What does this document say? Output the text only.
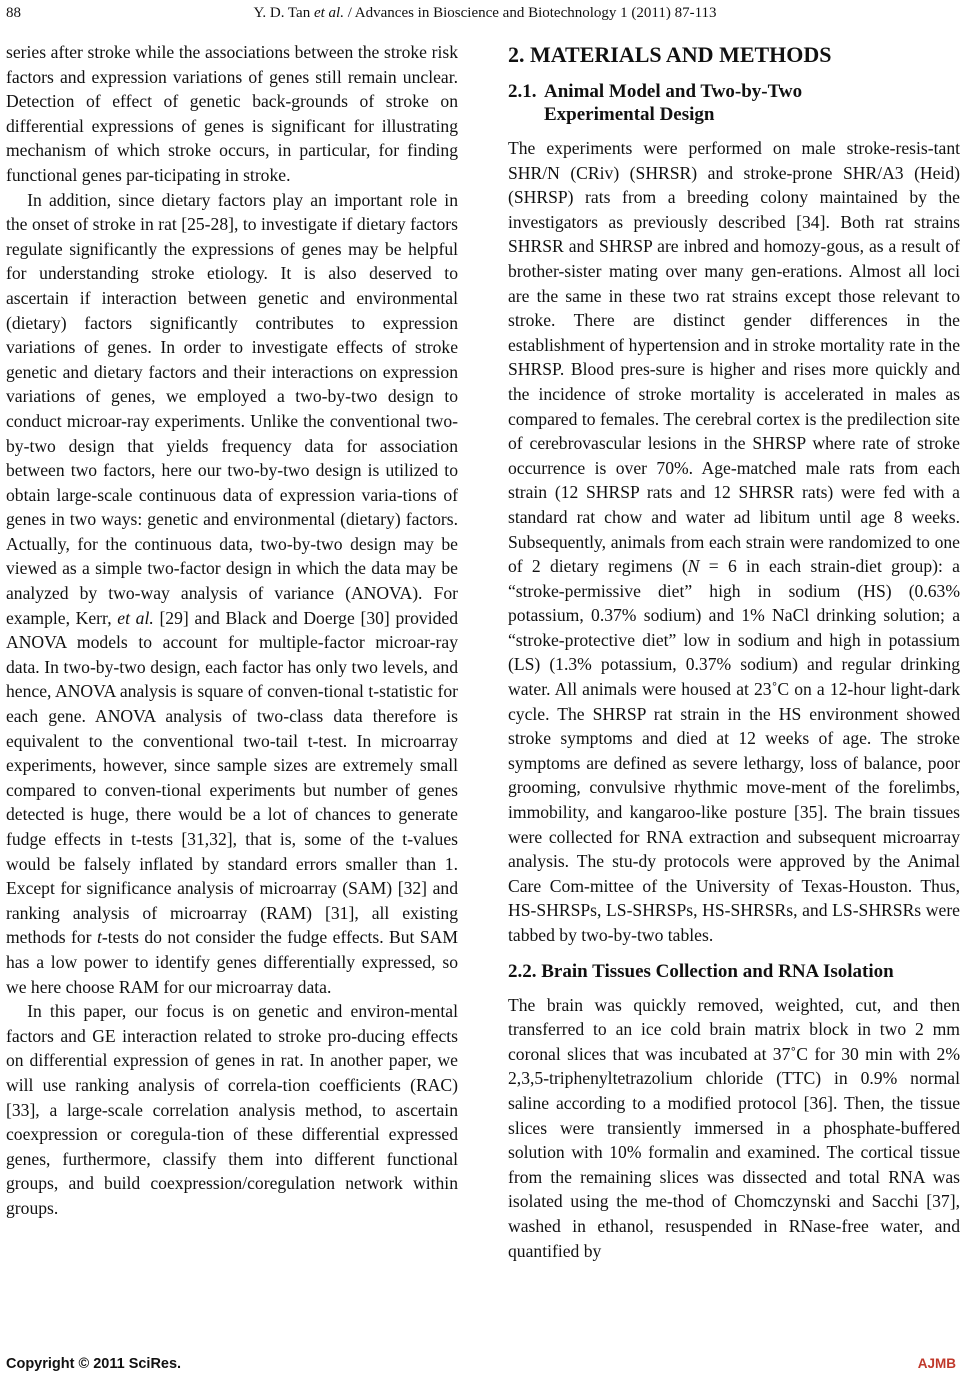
88	Y. D. Tan et al. / Advances in Bioscience and Biotechnology 1 (2011) 87-113

series after stroke while the associations between the stroke risk factors and expression variations of genes still remain unclear. Detection of effect of genetic back-grounds of stroke on differential expressions of genes is significant for illustrating mechanism of which stroke occurs, in particular, for finding functional genes par-ticipating in stroke.

In addition, since dietary factors play an important role in the onset of stroke in rat [25-28], to investigate if dietary factors regulate significantly the expressions of genes may be helpful for understanding stroke etiology. It is also deserved to ascertain if interaction between genetic and environmental (dietary) factors significantly contributes to expression variations of genes. In order to investigate effects of stroke genetic and dietary factors and their interactions on expression variations of genes, we employed a two-by-two design to conduct microar-ray experiments. Unlike the conventional two-by-two design that yields frequency data for association between two factors, here our two-by-two design is utilized to obtain large-scale continuous data of expression varia-tions of genes in two ways: genetic and environmental (dietary) factors. Actually, for the continuous data, two-by-two design may be viewed as a simple two-factor design in which the data may be analyzed by two-way analysis of variance (ANOVA). For example, Kerr, et al. [29] and Black and Doerge [30] provided ANOVA models to account for multiple-factor microar-ray data. In two-by-two design, each factor has only two levels, and hence, ANOVA analysis is square of conven-tional t-statistic for each gene. ANOVA analysis of two-class data therefore is equivalent to the conventional two-tail t-test. In microarray experiments, however, since sample sizes are extremely small compared to conven-tional experiments but number of genes detected is huge, there would be a lot of chances to generate fudge effects in t-tests [31,32], that is, some of the t-values would be falsely inflated by standard errors smaller than 1. Except for significance analysis of microarray (SAM) [32] and ranking analysis of microarray (RAM) [31], all existing methods for t-tests do not consider the fudge effects. But SAM has a low power to identify genes differentially expressed, so we here choose RAM for our microarray data.

In this paper, our focus is on genetic and environ-mental factors and GE interaction related to stroke pro-ducing effects on differential expression of genes in rat. In another paper, we will use ranking analysis of correla-tion coefficients (RAC) [33], a large-scale correlation analysis method, to ascertain coexpression or coregula-tion of these differential expressed genes, furthermore, classify them into different functional groups, and build coexpression/coregulation network within groups.

2. MATERIALS AND METHODS
2.1. Animal Model and Two-by-Two
Experimental Design

The experiments were performed on male stroke-resis-tant SHR/N (CRiv) (SHRSR) and stroke-prone SHR/A3 (Heid) (SHRSP) rats from a breeding colony maintained by the investigators as previously described [34]. Both rat strains SHRSR and SHRSP are inbred and homozy-gous, as a result of brother-sister mating over many gen-erations. Almost all loci are the same in these two rat strains except those relevant to stroke. There are distinct gender differences in the establishment of hypertension and in stroke mortality rate in the SHRSP. Blood pres-sure is higher and rises more quickly and the incidence of stroke mortality is accelerated in males as compared to females. The cerebral cortex is the predilection site of cerebrovascular lesions in the SHRSP where rate of stroke occurrence is over 70%. Age-matched male rats from each strain (12 SHRSP rats and 12 SHRSR rats) were fed with a standard rat chow and water ad libitum until age 8 weeks. Subsequently, animals from each strain were randomized to one of 2 dietary regimens (N = 6 in each strain-diet group): a “stroke-permissive diet” high in sodium (HS) (0.63% potassium, 0.37% sodium) and 1% NaCl drinking solution; a “stroke-protective diet” low in sodium and high in potassium (LS) (1.3% potassium, 0.37% sodium) and regular drinking water. All animals were housed at 23˚C on a 12-hour light-dark cycle. The SHRSP rat strain in the HS environment showed stroke symptoms and died at 12 weeks of age. The stroke symptoms are defined as severe lethargy, loss of balance, poor grooming, convulsive rhythmic move-ment of the forelimbs, immobility, and kangaroo-like posture [35]. The brain tissues were collected for RNA extraction and subsequent microarray analysis. The stu-dy protocols were approved by the Animal Care Com-mittee of the University of Texas-Houston. Thus, HS-SHRSPs, LS-SHRSPs, HS-SHRSRs, and LS-SHRSRs were tabbed by two-by-two tables.

2.2. Brain Tissues Collection and RNA Isolation

The brain was quickly removed, weighted, cut, and then transferred to an ice cold brain matrix block in two 2 mm coronal slices that was incubated at 37˚C for 30 min with 2% 2,3,5-triphenyltetrazolium chloride (TTC) in 0.9% normal saline according to a modified protocol [36]. Then, the tissue slices were transiently immersed in a phosphate-buffered solution with 10% formalin and examined. The cortical tissue from the remaining slices was dissected and total RNA was isolated using the me-thod of Chomczynski and Sacchi [37], washed in ethanol, resuspended in RNase-free water, and quantified by

Copyright © 2011 SciRes.	AJMB
